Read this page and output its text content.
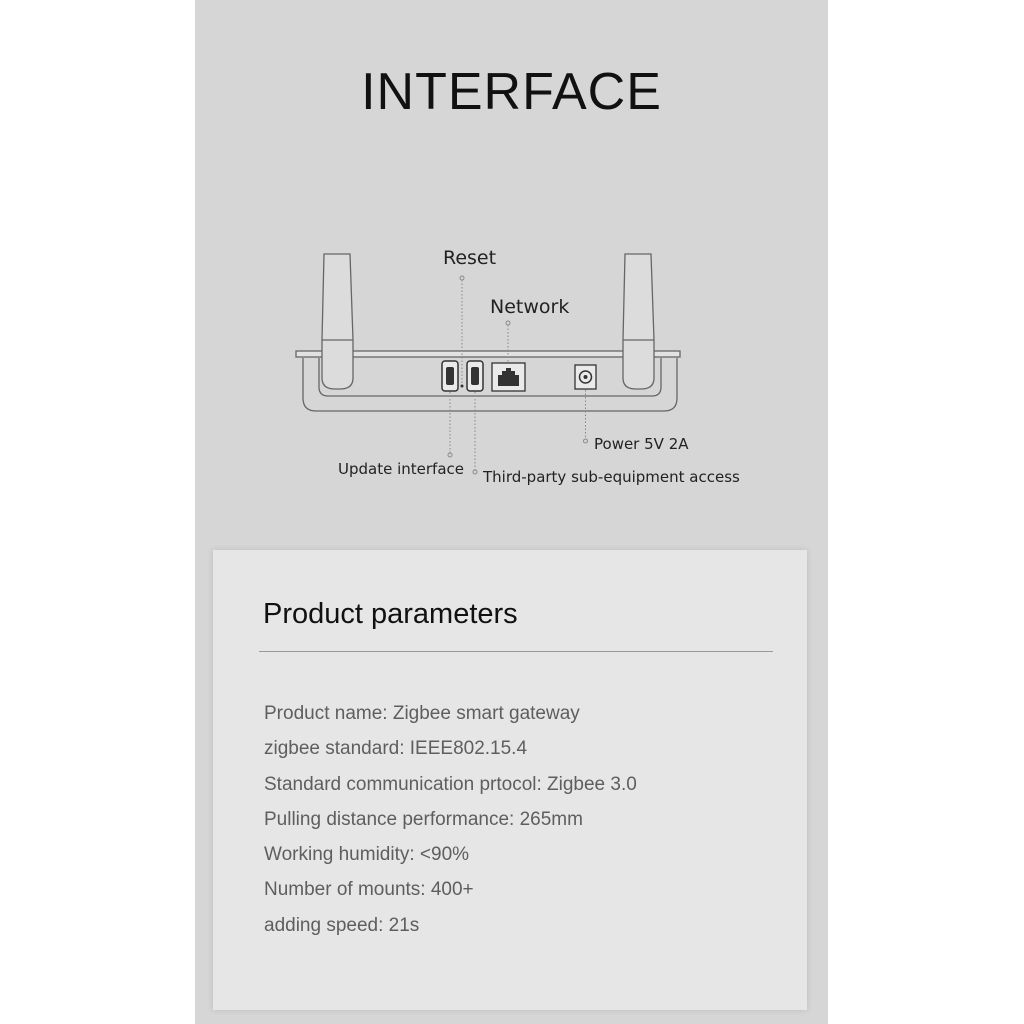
INTERFACE
Reset
Network
Power 5V 2A
Update interface Third-party sub-equipment access
Product parameters
Product name: Zigbee smart gateway
zigbee standard: IEEE802.15.4
Standard communication prtocol: Zigbee 3.0
Pulling distance performance: 265mm
Working humidity: <90%
Number of mounts: 400+
adding speed: 21s
